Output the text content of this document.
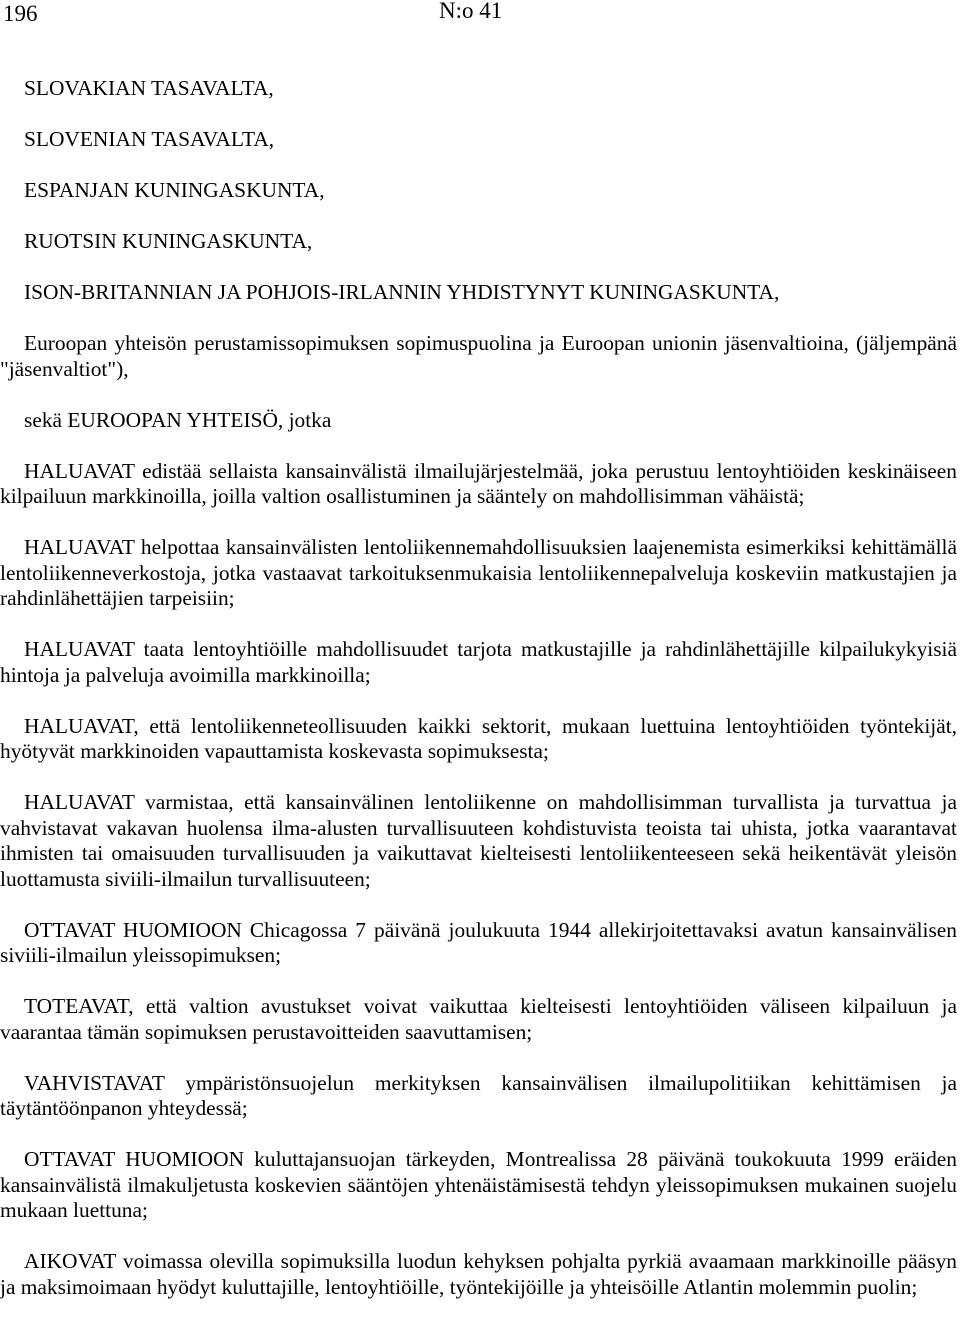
196	N:o 41
SLOVAKIAN TASAVALTA,
SLOVENIAN TASAVALTA,
ESPANJAN KUNINGASKUNTA,
RUOTSIN KUNINGASKUNTA,
ISON-BRITANNIAN JA POHJOIS-IRLANNIN YHDISTYNYT KUNINGASKUNTA,

Euroopan yhteisön perustamissopimuksen sopimuspuolina ja Euroopan unionin jäsenvaltioina, (jäljempänä "jäsenvaltiot"),

sekä EUROOPAN YHTEISÖ, jotka

HALUAVAT edistää sellaista kansainvälistä ilmailujärjestelmää, joka perustuu lentoyhtiöiden keskinäiseen kilpailuun markkinoilla, joilla valtion osallistuminen ja sääntely on mahdollisimman vähäistä;

HALUAVAT helpottaa kansainvälisten lentoliikennemahdollisuuksien laajenemista esimerkiksi kehittämällä lentoliikenneverkostoja, jotka vastaavat tarkoituksenmukaisia lentoliikennepalveluja koskeviin matkustajien ja rahdinlähettäjien tarpeisiin;

HALUAVAT taata lentoyhtiöille mahdollisuudet tarjota matkustajille ja rahdinlähettäjille kilpailukykyisiä hintoja ja palveluja avoimilla markkinoilla;

HALUAVAT, että lentoliikenneteollisuuden kaikki sektorit, mukaan luettuina lentoyhtiöiden työntekijät, hyötyvät markkinoiden vapauttamista koskevasta sopimuksesta;

HALUAVAT varmistaa, että kansainvälinen lentoliikenne on mahdollisimman turvallista ja turvattua ja vahvistavat vakavan huolensa ilma-alusten turvallisuuteen kohdistuvista teoista tai uhista, jotka vaarantavat ihmisten tai omaisuuden turvallisuuden ja vaikuttavat kielteisesti lentoliikenteeseen sekä heikentävät yleisön luottamusta siviili-ilmailun turvallisuuteen;

OTTAVAT HUOMIOON Chicagossa 7 päivänä joulukuuta 1944 allekirjoitettavaksi avatun kansainvälisen siviili-ilmailun yleissopimuksen;

TOTEAVAT, että valtion avustukset voivat vaikuttaa kielteisesti lentoyhtiöiden väliseen kilpailuun ja vaarantaa tämän sopimuksen perustavoitteiden saavuttamisen;

VAHVISTAVAT ympäristönsuojelun merkityksen kansainvälisen ilmailupolitiikan kehittämisen ja täytäntöönpanon yhteydessä;

OTTAVAT HUOMIOON kuluttajansuojan tärkeyden, Montrealissa 28 päivänä toukokuuta 1999 eräiden kansainvälistä ilmakuljetusta koskevien sääntöjen yhtenäistämisestä tehdyn yleissopimuksen mukainen suojelu mukaan luettuna;

AIKOVAT voimassa olevilla sopimuksilla luodun kehyksen pohjalta pyrkiä avaamaan markkinoille pääsyn ja maksimoimaan hyödyt kuluttajille, lentoyhtiöille, työntekijöille ja yhteisöille Atlantin molemmin puolin;
